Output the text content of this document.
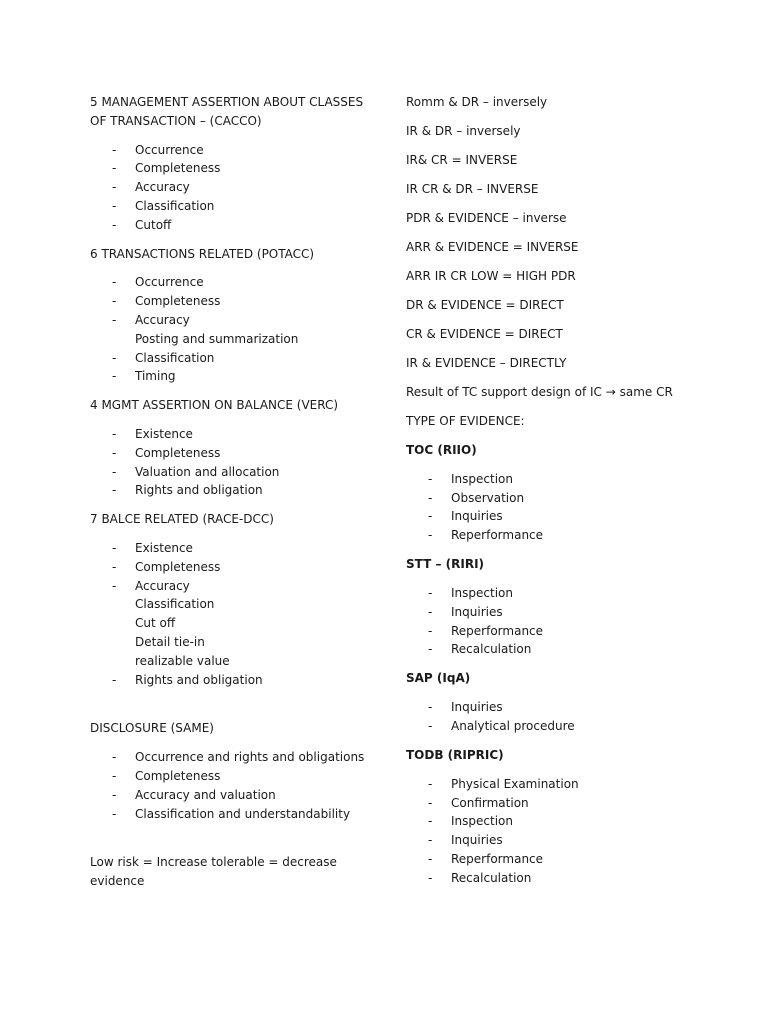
5 MANAGEMENT ASSERTION ABOUT CLASSES OF TRANSACTION – (CACCO)
- Occurrence
- Completeness
- Accuracy
- Classification
- Cutoff
6 TRANSACTIONS RELATED (POTACC)
- Occurrence
- Completeness
- Accuracy
Posting and summarization
- Classification
- Timing
4 MGMT ASSERTION ON BALANCE (VERC)
- Existence
- Completeness
- Valuation and allocation
- Rights and obligation
7 BALCE RELATED (RACE-DCC)
- Existence
- Completeness
- Accuracy
Classification
Cut off
Detail tie-in
realizable value
- Rights and obligation
DISCLOSURE (SAME)
- Occurrence and rights and obligations
- Completeness
- Accuracy and valuation
- Classification and understandability
Low risk = Increase tolerable = decrease evidence
Romm & DR – inversely
IR & DR – inversely
IR& CR = INVERSE
IR CR & DR – INVERSE
PDR & EVIDENCE – inverse
ARR & EVIDENCE = INVERSE
ARR IR CR LOW = HIGH PDR
DR & EVIDENCE = DIRECT
CR & EVIDENCE = DIRECT
IR & EVIDENCE – DIRECTLY
Result of TC support design of IC → same CR
TYPE OF EVIDENCE:
TOC (RIIO)
- Inspection
- Observation
- Inquiries
- Reperformance
STT – (RIRI)
- Inspection
- Inquiries
- Reperformance
- Recalculation
SAP (IqA)
- Inquiries
- Analytical procedure
TODB (RIPRIC)
- Physical Examination
- Confirmation
- Inspection
- Inquiries
- Reperformance
- Recalculation
